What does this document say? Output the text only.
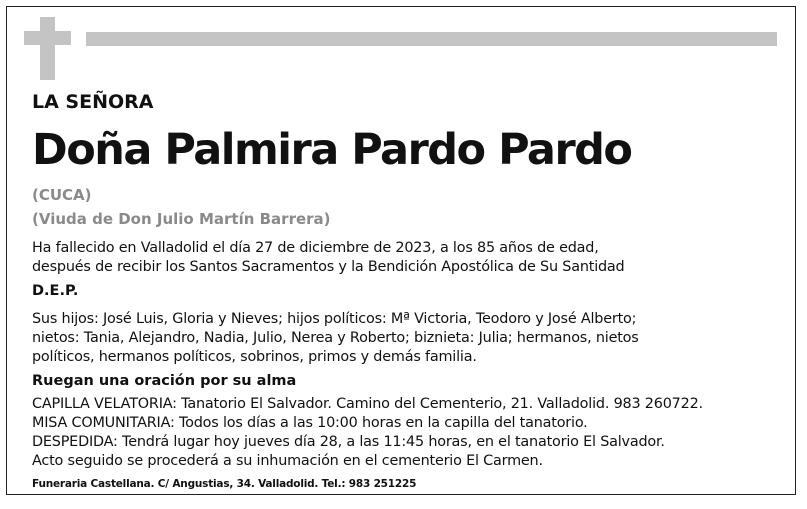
LA SEÑORA
Doña Palmira Pardo Pardo
(CUCA)
(Viuda de Don Julio Martín Barrera)
Ha fallecido en Valladolid el día 27 de diciembre de 2023, a los 85 años de edad,
después de recibir los Santos Sacramentos y la Bendición Apostólica de Su Santidad
D.E.P.
Sus hijos: José Luis, Gloria y Nieves; hijos políticos: Mª Victoria, Teodoro y José Alberto;
nietos: Tania, Alejandro, Nadia, Julio, Nerea y Roberto; biznieta: Julia; hermanos, nietos
políticos, hermanos políticos, sobrinos, primos y demás familia.
Ruegan una oración por su alma
CAPILLA VELATORIA: Tanatorio El Salvador. Camino del Cementerio, 21. Valladolid. 983 260722.
MISA COMUNITARIA: Todos los días a las 10:00 horas en la capilla del tanatorio.
DESPEDIDA: Tendrá lugar hoy jueves día 28, a las 11:45 horas, en el tanatorio El Salvador.
Acto seguido se procederá a su inhumación en el cementerio El Carmen.
Funeraria Castellana. C/ Angustias, 34. Valladolid. Tel.: 983 251225
